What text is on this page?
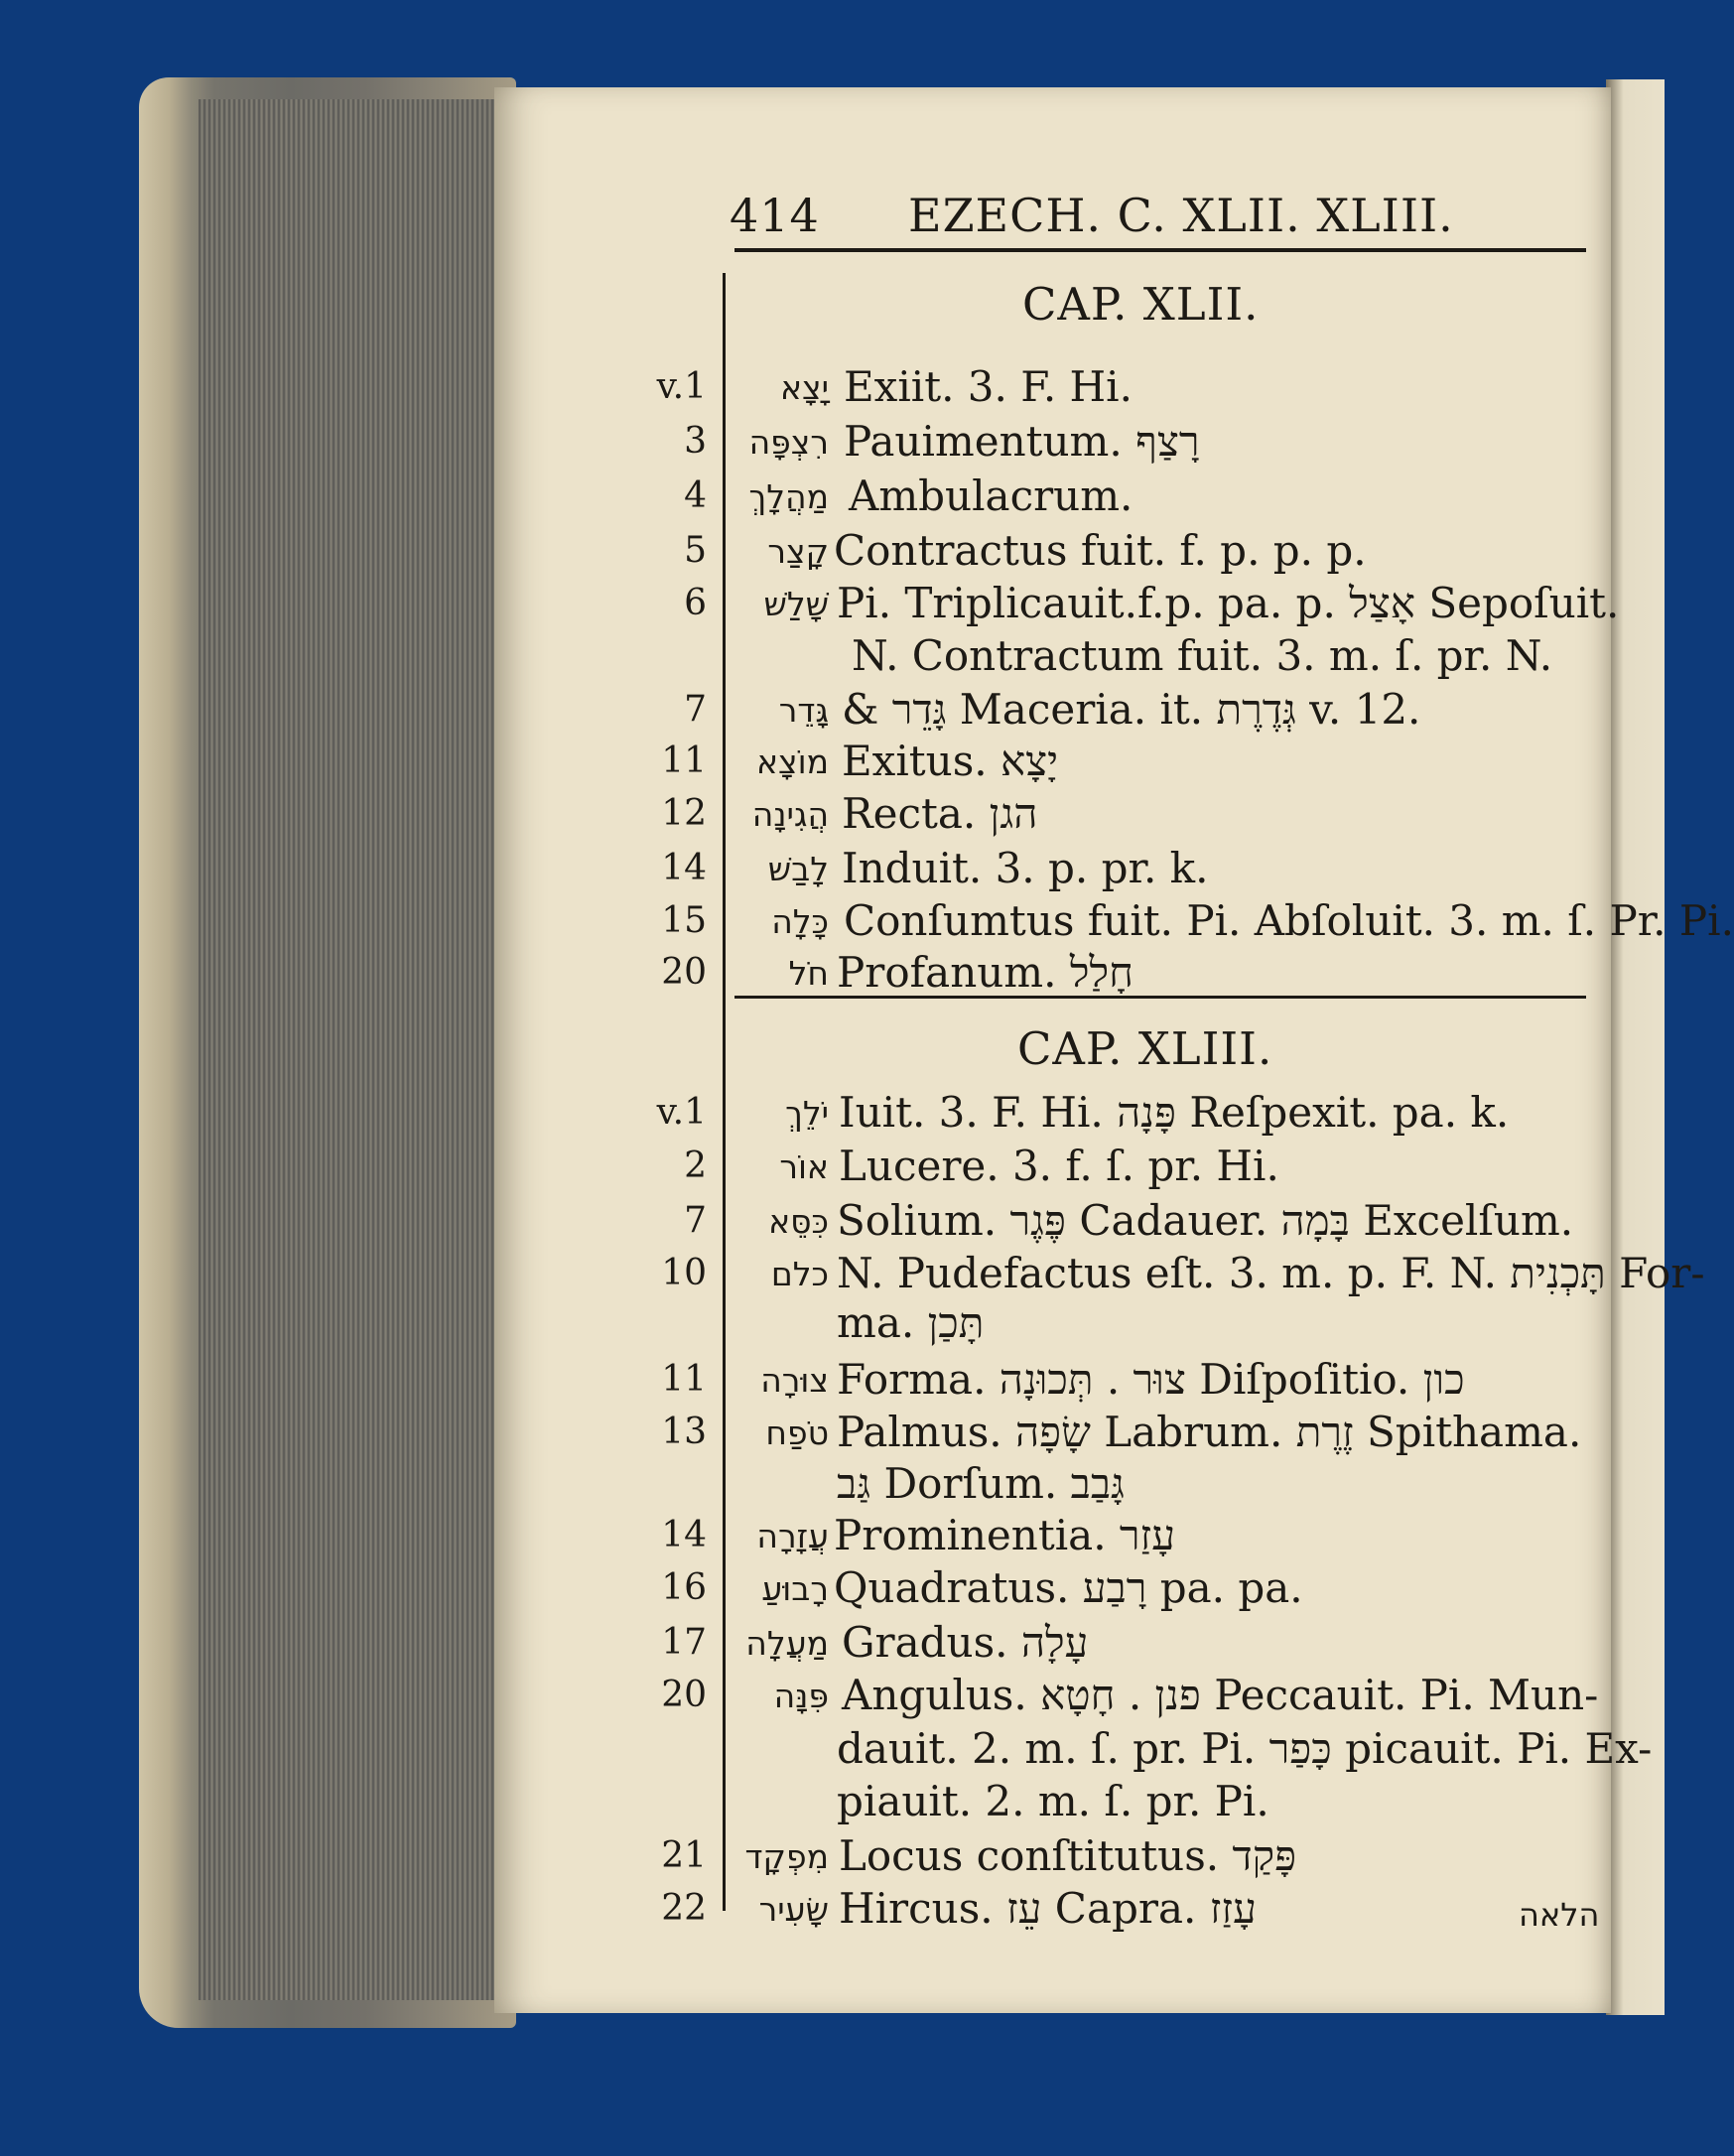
414 EZECH. C. XLII. XLIII.
CAP. XLII.
CAP. XLIII.
v.1	יָצָא Exiit. 3. F. Hi.
3	רִצְפָּה Pauimentum. רָצַף
4	מַהֲלָךְ Ambulacrum.
5	קָצַר Contractus fuit. f. p. p. p.
6	שָׁלַשׁ Pi. Triplicauit.f.p. pa. p. אָצַל Sepoſuit.
N. Contractum fuit. 3. m. ſ. pr. N.
7	גָּדֵר & גָּדֵר Maceria. it. גְּדֶרֶת v. 12.
11	מוֹצָא Exitus. יָצָא
12	הֲגִינָה Recta. הגן
14	לָבַשׁ Induit. 3. p. pr. k.
15	כָּלָה Conſumtus fuit. Pi. Abſoluit. 3. m. ſ. Pr. Pi.
20	חֹל Profanum. חָלַל
v.1	יֹלֵךְ Iuit. 3. F. Hi. פָּנָה Reſpexit. pa. k.
2	אוֹר Lucere. 3. f. ſ. pr. Hi.
7	כִּסֵּא Solium. פֶּגֶר Cadauer. בָּמָה Excelſum.
10	כלם N. Pudefactus eſt. 3. m. p. F. N. תָּכְנִית For-
ma. תָּכַן
11	צוּרָה Forma. צוּר . תְּכוּנָה Diſpoſitio. כון
13	טֹפַח Palmus. שָׂפָה Labrum. זֶרֶת Spithama.
גַּב Dorſum. גָּבַב
14	עֲזָרָה Prominentia. עָזַר
16	רָבוּעַ Quadratus. רָבַע pa. pa.
17	מַעֲלָה Gradus. עָלָה
20	פִּנָּה Angulus. פנן . חָטָא Peccauit. Pi. Mun-
dauit. 2. m. ſ. pr. Pi. כָּפַר picauit. Pi. Ex-
piauit. 2. m. ſ. pr. Pi.
21	מִפְקָד Locus conſtitutus. פָּקַד
22	שָׂעִיר Hircus. עֵז Capra. עָזַז	הלאה
